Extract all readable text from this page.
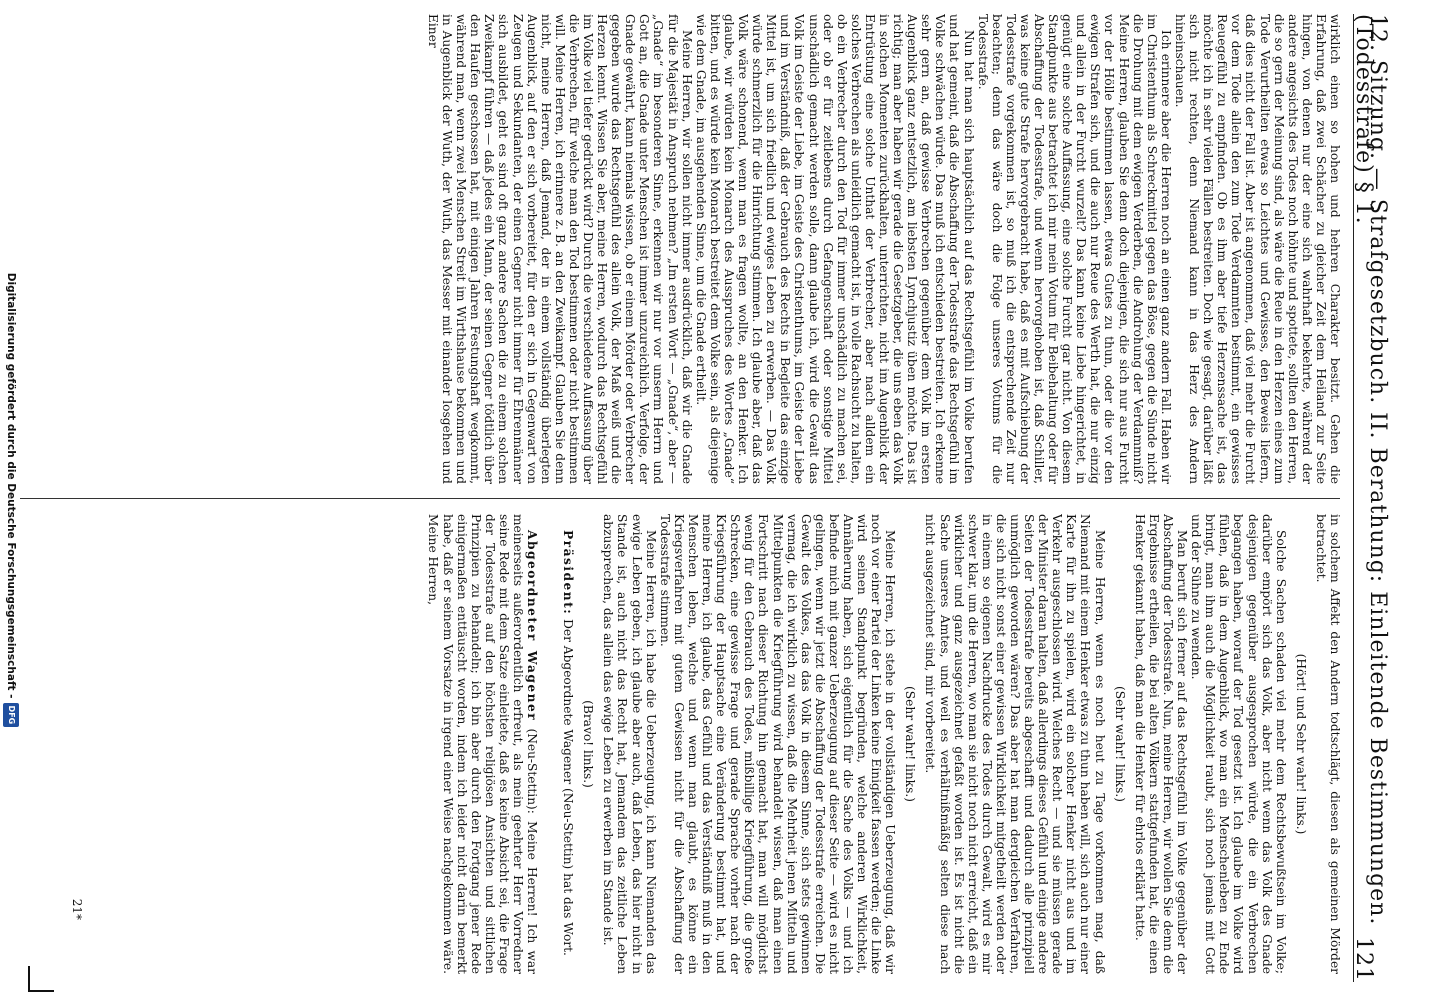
12. Sitzung. — Strafgesetzbuch. II. Berathung: Einleitende Bestimmungen. (Todesstrafe) § 1.
121

wirklich einen so hohen und hehren Charakter besitzt. Gehen die Erfahrung, daß zwei Schächer zu gleicher Zeit dem Heiland zur Seite hingen, von denen nur der eine sich wahrhaft bekehrte, während der andere angesichts des Todes noch höhnte und spottete, sollten den Herren, die so gern der Meinung sind, als wäre die Reue in den Herzen eines zum Tode Verurtheilten etwas so Leichtes und Gewisses, den Beweis liefern, daß dies nicht der Fall ist. Aber ist angenommen, daß viel mehr die Furcht vor dem Tode allein den zum Tode Verdammten bestimmt, ein gewisses Reuegefühl zu empfinden. Ob es ihm aber tiefe Herzenssache ist, das möchte ich in sehr vielen Fällen bestreiten. Doch wie gesagt, darüber läßt sich nicht rechten, denn Niemand kann in das Herz des Andern hineinschauen.

Ich erinnere aber die Herren noch an einen ganz andern Fall. Haben wir im Christenthum als Schreckmittel gegen das Böse, gegen die Sünde nicht die Drohung mit dem ewigen Verderben, die Androhung der Verdammniß? Meine Herren, glauben Sie denn doch diejenigen, die sich nur aus Furcht vor der Hölle bestimmen lassen, etwas Gutes zu thun, oder die vor den ewigen Strafen sich, und die auch nur Reue des Werth hat, die nur einzig und allein in der Furcht wurzelt? Das kann keine Liebe hingerichtet, in genügt eine solche Auffassung, eine solche Furcht gar nicht. Von diesem Standpunkte aus betrachtet ich mir mein Votum für Beibehaltung oder für Abschaffung der Todesstrafe, und wenn hervorgehoben ist, daß Schiller, was keine gute Strafe hervorgebracht habe, daß es mit Aufschiebung der Todesstrafe vorgekommen ist, so muß ich die entsprechende Zeit nur beachten; denn das wäre doch die Folge unseres Votums für die Todesstrafe.

Nun hat man sich hauptsächlich auf das Rechtsgefühl im Volke berufen und hat gemeint, daß die Abschaffung der Todesstrafe das Rechtsgefühl im Volke schwächen würde. Das muß ich entschieden bestreiten. Ich erkenne sehr gern an, daß gewisse Verbrechen gegenüber dem Volk im ersten Augenblick ganz entsetzlich, am liebsten Lynchjustiz üben möchte. Das ist richtig; man aber haben wir gerade die Gesetzgeber, die uns eben das Volk in solchen Momenten zurückhalten, unterrichten, nicht im Augenblick der Entrüstung eine solche Unthat der Verbrecher, aber nach alldem ein solches Verbrechen als unleidlich gemacht ist, in volle Rachsucht zu halten, ob ein Verbrecher durch den Tod für immer unschädlich zu machen sei, oder ob er für zeitlebens durch Gefangenschaft oder sonstige Mittel unschädlich gemacht werden solle, dann glaube ich, wird die Gewalt das Volk im Geiste der Liebe, im Geiste des Christenthums, im Geiste der Liebe und im Verständniß, daß der Gebrauch des Rechts in Begleite das einzige Mittel ist, um sich friedlich und ewiges Leben zu erwerben. — Das Volk würde schmerzlich für die Hinrichtung stimmen. Ich glaube aber, daß das Volk wäre schonend, wenn man es fragen wollte, an den Henker. Ich glaube, wir würden kein Monarch des Ausspruches des Wortes „Gnade“ bitten, und es würde kein Monarch bestreitet dem Volke sein, als diejenige wie dem Gnade, im ausgehenden Sinne, um die Gnade ertheilt.

Meine Herren, wir sollen nicht immer ausdrücklich, daß wir die Gnade für die Majestät in Anspruch nehmen? „Im ersten Wort — „Gnade“, aber — „Gnade“ im besonderen Sinne, erkennen wir nur vor unserm Herrn und Gott an, die Gnade unter Menschen ist immer unzureichlich. Verfolge, der Gnade gewährt, kann niemals wissen, ob er einem Mörder oder Verbrecher gegeben wurde das Rechtsgefühl des allein Volk, der Maß weiß und die Herzen kennt. Wissen Sie aber, meine Herren, wodurch das Rechtsgefühl im Volke viel tiefer gedrückt wird? Durch die verschiedene Auffassung über die Verbrechen, für welche man den Tod bestimmen oder nicht bestimmen will. Meine Herren, ich erinnere z. B. an den Zweikampf. Glauben Sie denn nicht, meine Herren, daß Jemand, der in einem vollständig überlegten Augenblick, auf den er sich vorbereitet, für den er sich in Gegenwart von Zeugen und Sekundanten, der einen Gegner nicht immer für Ehrenmänner sich ausbildet, geht es sind oft ganz andere Sachen die zu einem solchen Zweikampf führen — daß jedes ein Mann, der seinen Gegner tödtlich über den Haufen geschossen hat, mit einigen Jahren Festungshaft wegkommt, während man, wenn zwei Menschen Streit im Wirthshause bekommen und in Augenblick der Wuth, der Wuth, das Messer mit einander losgehen und Einer

in solchem Affekt den Andern todtschlägt, diesen als gemeinen Mörder betrachtet.

(Hört! und Sehr wahr! links.)

Solche Sachen schaden viel mehr dem Rechtsbewußtsein im Volke; darüber empört sich das Volk, aber nicht wenn das Volk des Gnade desjenigen gegenüber ausgesprochen würde, die ein Verbrechen begangen haben, worauf der Tod gesetzt ist. Ich glaube im Volke wird fühlen, daß in dem Augenblick, wo man ein Menschenleben zu Ende bringt, man ihm auch die Möglichkeit raubt, sich noch jemals mit Gott und der Sühne zu wenden.

Man beruft sich ferner auf das Rechtsgefühl im Volke gegenüber der Abschaffung der Todesstrafe. Nun, meine Herren, wir wollen Sie denn die Ergebnisse ertheilen, die bei alten Völkern stattgefunden hat, die einen Henker gekannt haben, daß man die Henker für ehrlos erklärt hatte.

(Sehr wahr! links.)

Meine Herren, wenn es noch heut zu Tage vorkommen mag, daß Niemand mit einem Henker etwas zu thun haben will, sich auch nur einer Karte für ihn zu spielen, wird ein solcher Henker nicht aus und im Verkehr ausgeschlossen wird. Welches Recht — und sie müssen gerade der Minister daran halten, daß allerdings dieses Gefühl und einige andere Seiten der Todesstrafe bereits abgeschafft und dadurch alle prinzipiell unmöglich geworden wären? Das aber hat man dergleichen Verfahren, die sich nicht sonst einer gewissen Wirklichkeit mitgetheilt werden oder in einem so eigenen Nachdrucke des Todes durch Gewalt, wird es mir schwer klar, um die Herren, wo man sie nicht noch nicht erreicht, daß ein wirklicher und ganz ausgezeichnet gefaßt worden ist. Es ist nicht die Sache unseres Amtes, und weil es verhältnißmäßig selten diese nach nicht ausgezeichnet sind, mir vorbereitet.

(Sehr wahr! links.)

Meine Herren, ich stehe in der vollständigen Ueberzeugung, daß wir noch vor einer Partei der Linken keine Einigkeit fassen werden; die Linke wird seinen Standpunkt begründen, welche anderen Wirklichkeit, Annäherung haben, sich eigentlich für die Sache des Volks — und ich befinde mich mit ganzer Ueberzeugung auf dieser Seite — wird es nicht gelingen, wenn wir jetzt die Abschaffung der Todesstrafe erreichen. Die Gewalt des Volkes, das das Volk in diesem Sinne, sich stets gewinnen vermag, die ich wirklich zu wissen, daß die Mehrheit jenen Mitteln und Mittelpunkten die Kriegführung wird behandelt wissen, daß man einen Fortschritt nach dieser Richtung hin gemacht hat, man will möglichst wenig für den Gebrauch des Todes, mißbillige Kriegführung, die große Schrecken, eine gewisse Frage und gerade Sprache vorher nach der Kriegsführung der Hauptsache eine Veränderung bestimmt hat, und meine Herren, ich glaube, das Gefühl und das Verständniß muß in den Menschen leben, welche und wenn man glaubt, es könne ein Kriegsverfahren mit gutem Gewissen nicht für die Abschaffung der Todesstrafe stimmen.

Meine Herren, ich habe die Ueberzeugung, ich kann Niemanden das ewige Leben geben, ich glaube aber auch, daß Leben, das hier nicht in Stande ist, auch nicht das Recht hat, Jemandem das zeitliche Leben abzusprechen, das allein das ewige Leben zu erwerben im Stande ist.

(Bravo! links.)

Präsident: Der Abgeordnete Wagener (Neu-Stettin) hat das Wort.

Abgeordneter Wagener (Neu-Stettin): Meine Herren! Ich war meinerseits außerordentlich erfreut, als mein geehrter Herr Vorredner seine Rede mit dem Satze einleitete, daß es keine Absicht sei, die Frage der Todesstrafe auf den höchsten religiösen Ansichten und sittlichen Prinzipien zu behandeln; ich bin aber durch den Fortgang jener Rede einigermaßen enttäuscht worden, indem ich leider nicht darin bemerkt habe, daß er seinem Vorsatze in irgend einer Weise nachgekommen wäre. Meine Herren,

21*
Digitalisierung gefördert durch die Deutsche Forschungsgemeinschaft -
DFG
